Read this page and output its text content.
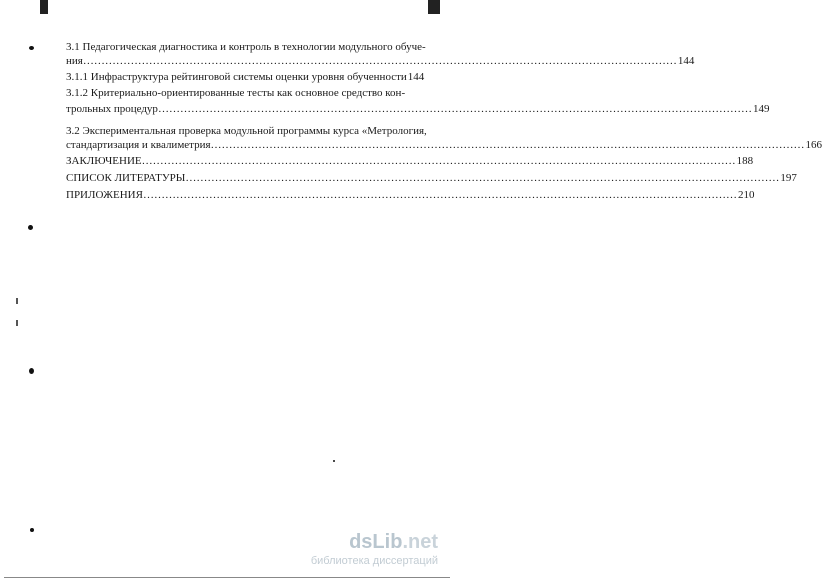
3.1 Педагогическая диагностика и контроль в технологии модульного обуче-
ния ………………………………………………………………………………………………………………………………………………	144
3.1.1 Инфраструктура рейтинговой системы оценки уровня обученности 144
3.1.2 Критериально-ориентированные тесты как основное средство кон-
трольных процедур ………………………………………………………………………………………………………………………………………………	149
3.2 Экспериментальная проверка модульной программы курса «Метрология,
стандартизация и квалиметрия ………………………………………………………………………………………………………………………………………………	166
ЗАКЛЮЧЕНИЕ ………………………………………………………………………………………………………………………………………………	188
СПИСОК ЛИТЕРАТУРЫ ………………………………………………………………………………………………………………………………………………	197
ПРИЛОЖЕНИЯ ………………………………………………………………………………………………………………………………………………	210
dsLib.net
библиотека диссертаций
